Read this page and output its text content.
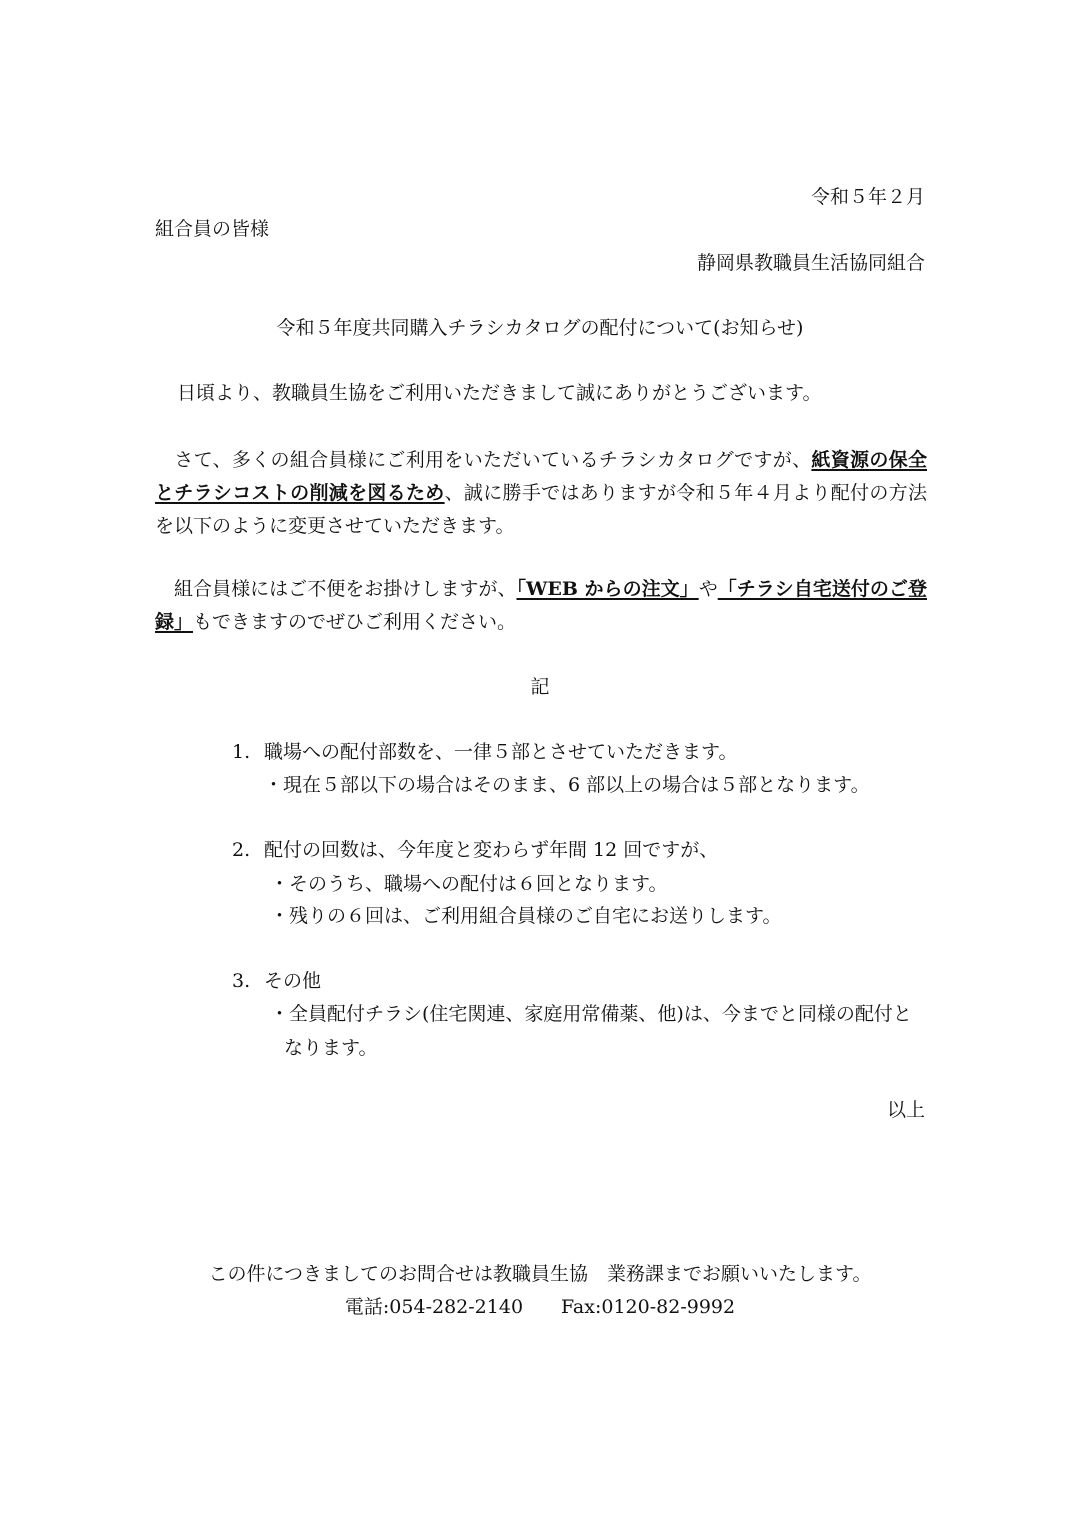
令和５年２月
組合員の皆様
静岡県教職員生活協同組合
令和５年度共同購入チラシカタログの配付について(お知らせ)
日頃より、教職員生協をご利用いただきまして誠にありがとうございます。
さて、多くの組合員様にご利用をいただいているチラシカタログですが、紙資源の保全とチラシコストの削減を図るため、誠に勝手ではありますが令和５年４月より配付の方法を以下のように変更させていただきます。
組合員様にはご不便をお掛けしますが、「WEB からの注文」や「チラシ自宅送付のご登録」もできますのでぜひご利用ください。
記
1. 職場への配付部数を、一律５部とさせていただきます。
・現在５部以下の場合はそのまま、6 部以上の場合は５部となります。
2. 配付の回数は、今年度と変わらず年間 12 回ですが、
・そのうち、職場への配付は６回となります。
・残りの６回は、ご利用組合員様のご自宅にお送りします。
3. その他
・全員配付チラシ(住宅関連、家庭用常備薬、他)は、今までと同様の配付となります。
以上
この件につきましてのお問合せは教職員生協　業務課までお願いいたします。
電話:054-282-2140　　Fax:0120-82-9992
